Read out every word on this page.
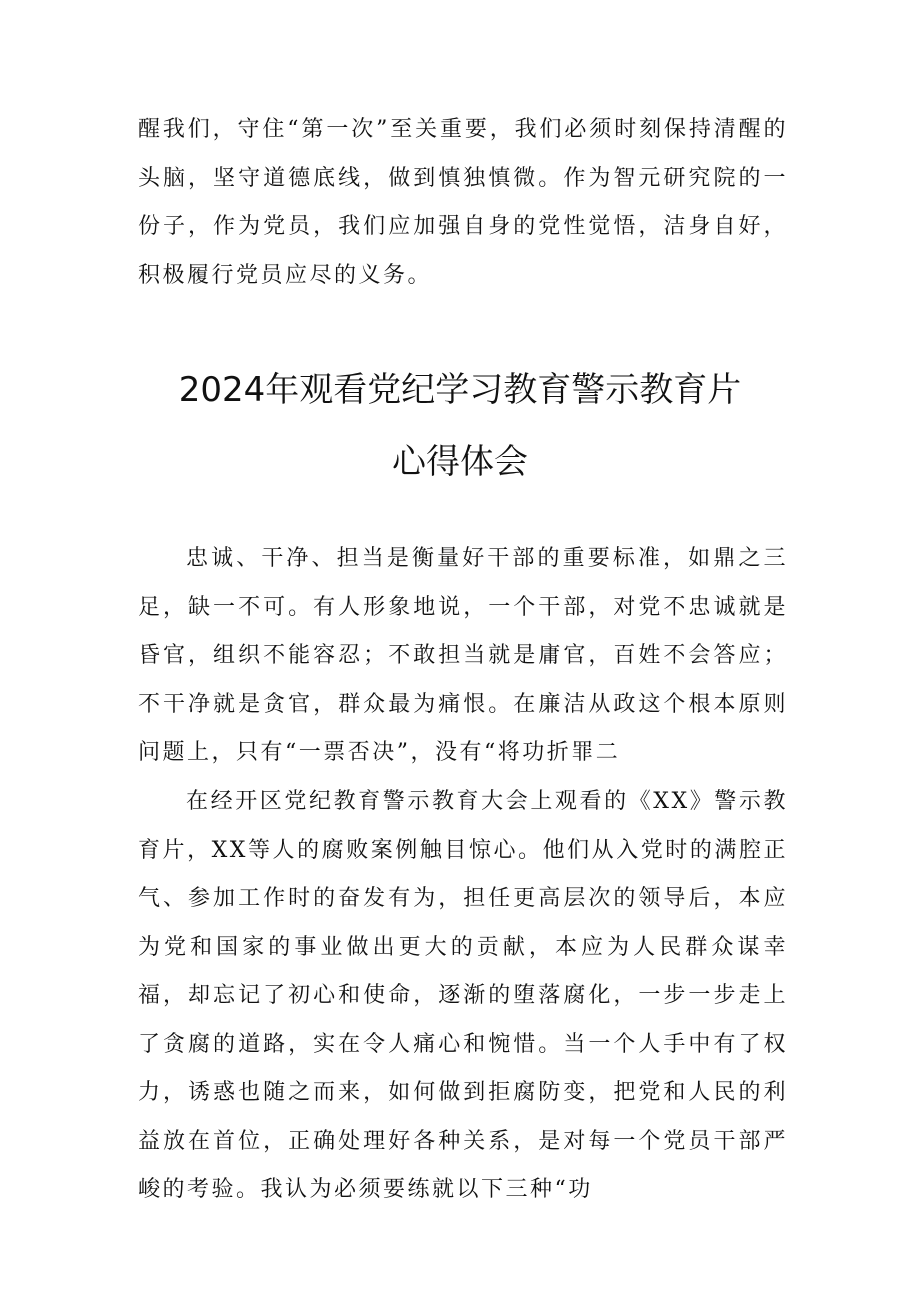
醒我们，守住“第一次”至关重要，我们必须时刻保持清醒的头脑，坚守道德底线，做到慎独慎微。作为智元研究院的一份子，作为党员，我们应加强自身的党性觉悟，洁身自好，积极履行党员应尽的义务。

2024年观看党纪学习教育警示教育片
心得体会

忠诚、干净、担当是衡量好干部的重要标准，如鼎之三足，缺一不可。有人形象地说，一个干部，对党不忠诚就是昏官，组织不能容忍；不敢担当就是庸官，百姓不会答应；不干净就是贪官，群众最为痛恨。在廉洁从政这个根本原则问题上，只有“一票否决”，没有“将功折罪二

在经开区党纪教育警示教育大会上观看的《XX》警示教育片，XX等人的腐败案例触目惊心。他们从入党时的满腔正气、参加工作时的奋发有为，担任更高层次的领导后，本应为党和国家的事业做出更大的贡献，本应为人民群众谋幸福，却忘记了初心和使命，逐渐的堕落腐化，一步一步走上了贪腐的道路，实在令人痛心和惋惜。当一个人手中有了权力，诱惑也随之而来，如何做到拒腐防变，把党和人民的利益放在首位，正确处理好各种关系，是对每一个党员干部严峻的考验。我认为必须要练就以下三种“功
